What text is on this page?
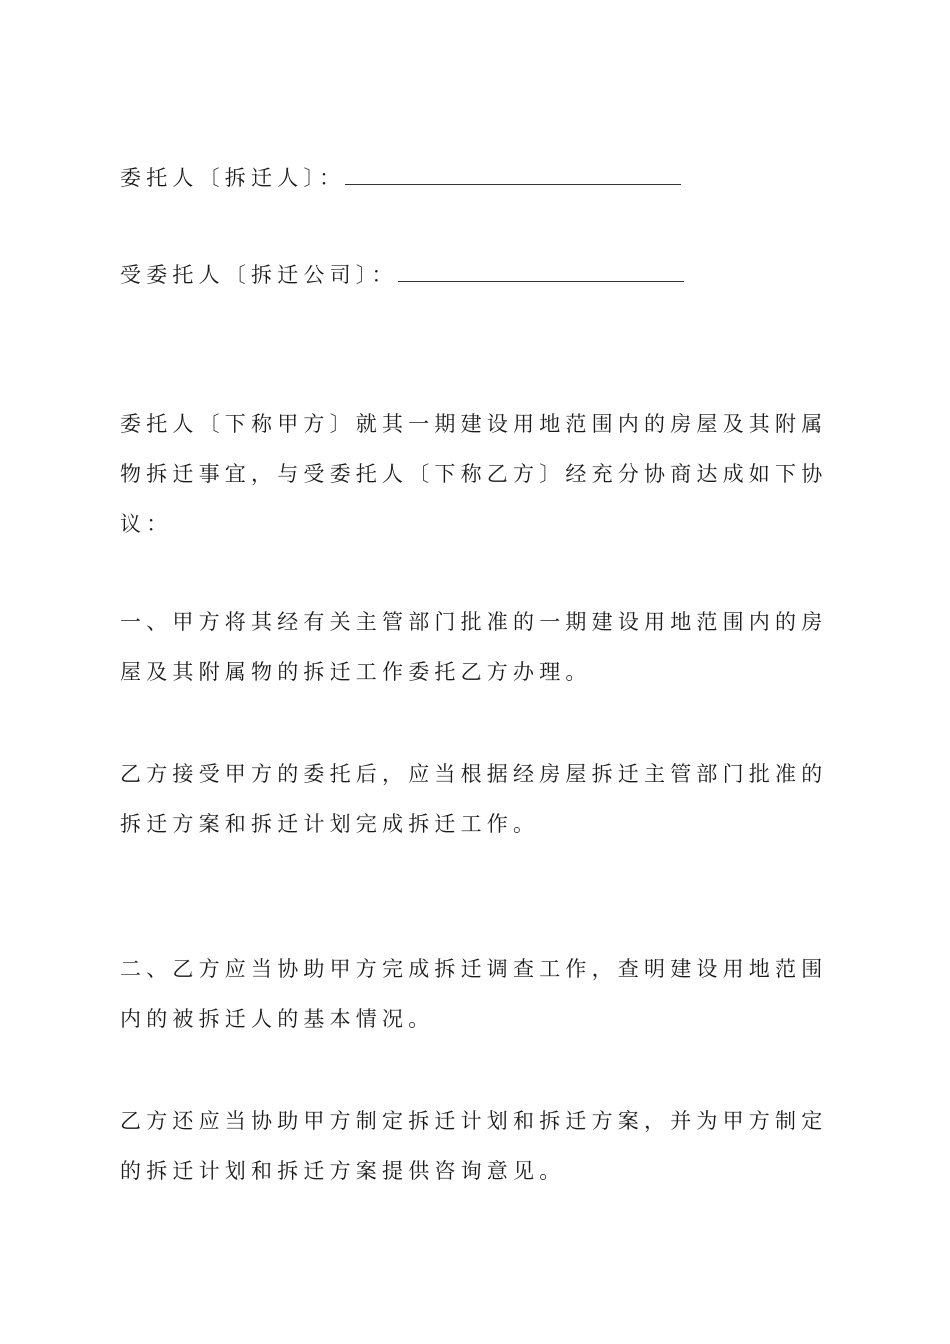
委托人〔拆迁人〕：
受委托人〔拆迁公司〕：

委托人〔下称甲方〕就其一期建设用地范围内的房屋及其附属物拆迁事宜，与受委托人〔下称乙方〕经充分协商达成如下协议：

一、甲方将其经有关主管部门批准的一期建设用地范围内的房屋及其附属物的拆迁工作委托乙方办理。

乙方接受甲方的委托后，应当根据经房屋拆迁主管部门批准的拆迁方案和拆迁计划完成拆迁工作。

二、乙方应当协助甲方完成拆迁调查工作，查明建设用地范围内的被拆迁人的基本情况。

乙方还应当协助甲方制定拆迁计划和拆迁方案，并为甲方制定的拆迁计划和拆迁方案提供咨询意见。
